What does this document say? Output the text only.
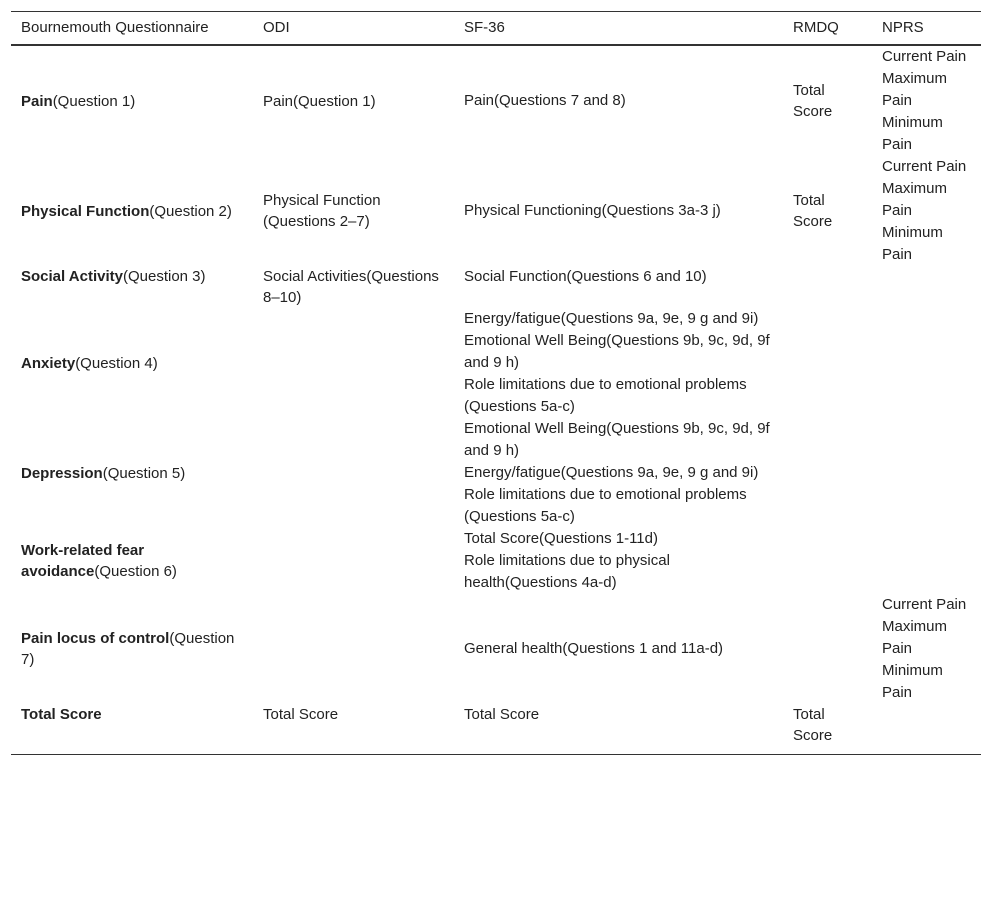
Bournemouth Questionnaire	ODI	SF-36	RMDQ	NPRS
Pain(Question 1)	Pain(Question 1)	Pain(Questions 7 and 8)	Total Score	Current Pain
Maximum Pain
Minimum Pain

Physical Function(Question 2)	Physical Function (Questions 2–7)	Physical Functioning(Questions 3a-3 j)	Total Score	Current Pain
Maximum Pain
Minimum Pain

Social Activity(Question 3)	Social Activities(Questions 8–10)	Social Function(Questions 6 and 10)		

Anxiety(Question 4)		Energy/fatigue(Questions 9a, 9e, 9 g and 9i)
Emotional Well Being(Questions 9b, 9c, 9d, 9f and 9 h)
Role limitations due to emotional problems (Questions 5a-c)		

Depression(Question 5)		Emotional Well Being(Questions 9b, 9c, 9d, 9f and 9 h)
Energy/fatigue(Questions 9a, 9e, 9 g and 9i)
Role limitations due to emotional problems (Questions 5a-c)		

Work-related fear avoidance(Question 6)		Total Score(Questions 1-11d)
Role limitations due to physical health(Questions 4a-d)		

Pain locus of control(Question 7)		General health(Questions 1 and 11a-d)		Current Pain
Maximum Pain
Minimum Pain

Total Score	Total Score	Total Score	Total Score	
